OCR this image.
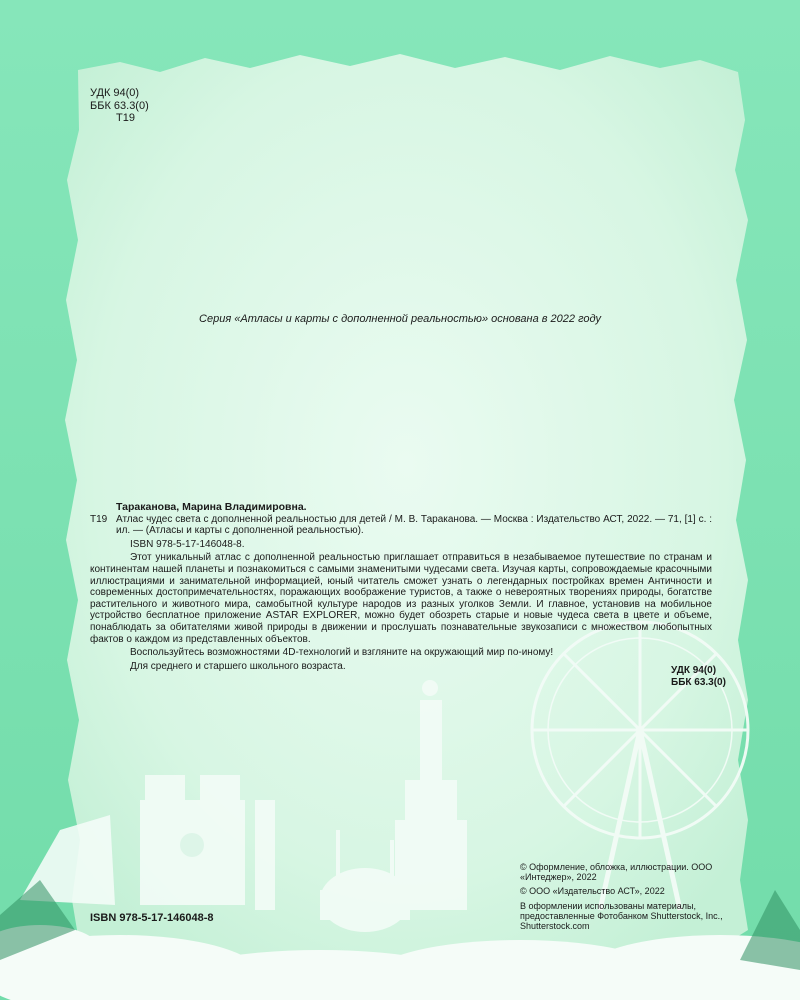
УДК 94(0)
ББК 63.3(0)
Т19

Серия «Атласы и карты с дополненной реальностью» основана в 2022 году

Тараканова, Марина Владимировна.
Т19 Атлас чудес света с дополненной реальностью для детей / М. В. Тараканова. — Москва : Издательство АСТ, 2022. — 71, [1] с. : ил. — (Атласы и карты с дополненной реальностью).

ISBN 978-5-17-146048-8.

Этот уникальный атлас с дополненной реальностью приглашает отправиться в незабываемое путешествие по странам и континентам нашей планеты и познакомиться с самыми знаменитыми чудесами света. Изучая карты, сопровождаемые красочными иллюстрациями и занимательной информацией, юный читатель сможет узнать о легендарных постройках времен Античности и современных достопримечательностях, поражающих воображение туристов, а также о невероятных творениях природы, богатстве растительного и животного мира, самобытной культуре народов из разных уголков Земли. И главное, установив на мобильное устройство бесплатное приложение ASTAR EXPLORER, можно будет обозреть старые и новые чудеса света в цвете и объеме, понаблюдать за обитателями живой природы в движении и прослушать познавательные звукозаписи с множеством любопытных фактов о каждом из представленных объектов.

Воспользуйтесь возможностями 4D-технологий и взгляните на окружающий мир по-иному!

Для среднего и старшего школьного возраста.	УДК 94(0)
ББК 63.3(0)
ISBN 978-5-17-146048-8

© Оформление, обложка, иллюстрации. ООО «Интеджер», 2022

© ООО «Издательство АСТ», 2022

В оформлении использованы материалы, предоставленные Фотобанком Shutterstock, Inc., Shutterstock.com
